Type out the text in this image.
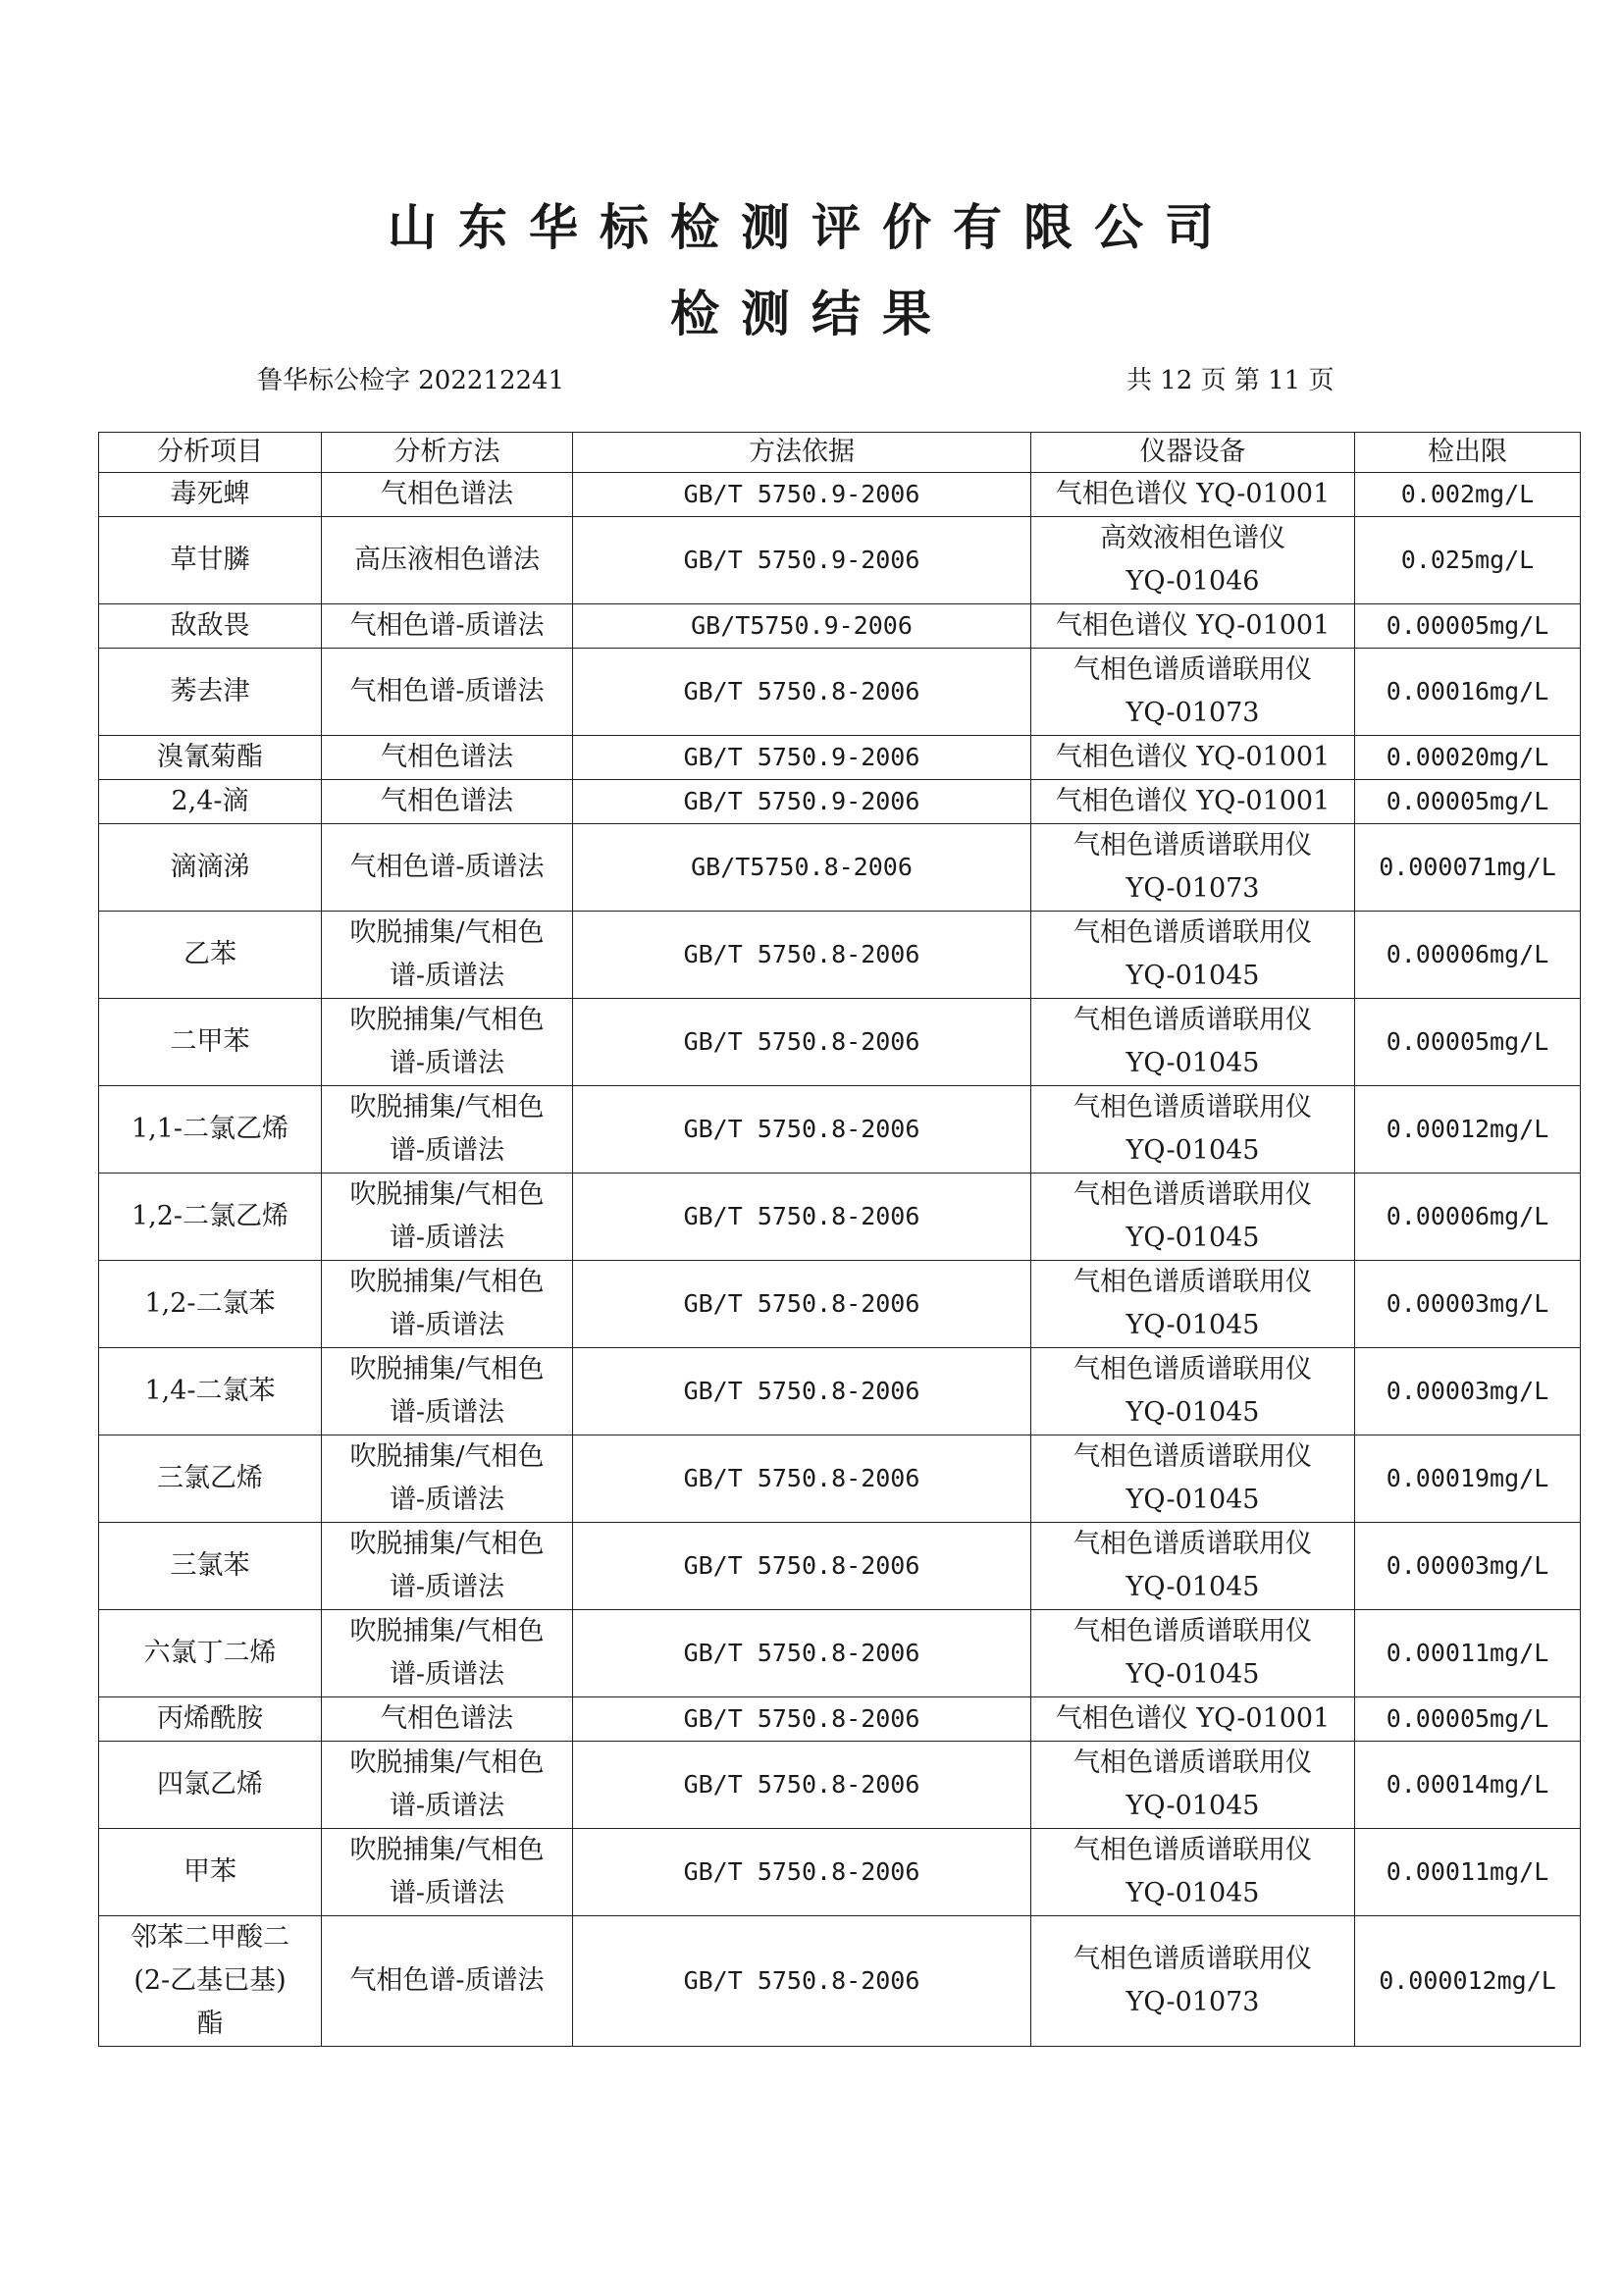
山东华标检测评价有限公司
检测结果
鲁华标公检字 202212241	共 12 页 第 11 页
分析项目	分析方法	方法依据	仪器设备	检出限
毒死蜱	气相色谱法	GB/T 5750.9-2006	气相色谱仪 YQ-01001	0.002mg/L
草甘膦	高压液相色谱法	GB/T 5750.9-2006	高效液相色谱仪
YQ-01046	0.025mg/L
敌敌畏	气相色谱-质谱法	GB/T5750.9-2006	气相色谱仪 YQ-01001	0.00005mg/L
莠去津	气相色谱-质谱法	GB/T 5750.8-2006	气相色谱质谱联用仪
YQ-01073	0.00016mg/L
溴氰菊酯	气相色谱法	GB/T 5750.9-2006	气相色谱仪 YQ-01001	0.00020mg/L
2,4-滴	气相色谱法	GB/T 5750.9-2006	气相色谱仪 YQ-01001	0.00005mg/L
滴滴涕	气相色谱-质谱法	GB/T5750.8-2006	气相色谱质谱联用仪
YQ-01073	0.000071mg/L
乙苯	吹脱捕集/气相色
谱-质谱法	GB/T 5750.8-2006	气相色谱质谱联用仪
YQ-01045	0.00006mg/L
二甲苯	吹脱捕集/气相色
谱-质谱法	GB/T 5750.8-2006	气相色谱质谱联用仪
YQ-01045	0.00005mg/L
1,1-二氯乙烯	吹脱捕集/气相色
谱-质谱法	GB/T 5750.8-2006	气相色谱质谱联用仪
YQ-01045	0.00012mg/L
1,2-二氯乙烯	吹脱捕集/气相色
谱-质谱法	GB/T 5750.8-2006	气相色谱质谱联用仪
YQ-01045	0.00006mg/L
1,2-二氯苯	吹脱捕集/气相色
谱-质谱法	GB/T 5750.8-2006	气相色谱质谱联用仪
YQ-01045	0.00003mg/L
1,4-二氯苯	吹脱捕集/气相色
谱-质谱法	GB/T 5750.8-2006	气相色谱质谱联用仪
YQ-01045	0.00003mg/L
三氯乙烯	吹脱捕集/气相色
谱-质谱法	GB/T 5750.8-2006	气相色谱质谱联用仪
YQ-01045	0.00019mg/L
三氯苯	吹脱捕集/气相色
谱-质谱法	GB/T 5750.8-2006	气相色谱质谱联用仪
YQ-01045	0.00003mg/L
六氯丁二烯	吹脱捕集/气相色
谱-质谱法	GB/T 5750.8-2006	气相色谱质谱联用仪
YQ-01045	0.00011mg/L
丙烯酰胺	气相色谱法	GB/T 5750.8-2006	气相色谱仪 YQ-01001	0.00005mg/L
四氯乙烯	吹脱捕集/气相色
谱-质谱法	GB/T 5750.8-2006	气相色谱质谱联用仪
YQ-01045	0.00014mg/L
甲苯	吹脱捕集/气相色
谱-质谱法	GB/T 5750.8-2006	气相色谱质谱联用仪
YQ-01045	0.00011mg/L
邻苯二甲酸二
(2-乙基已基)
酯	气相色谱-质谱法	GB/T 5750.8-2006	气相色谱质谱联用仪
YQ-01073	0.000012mg/L
